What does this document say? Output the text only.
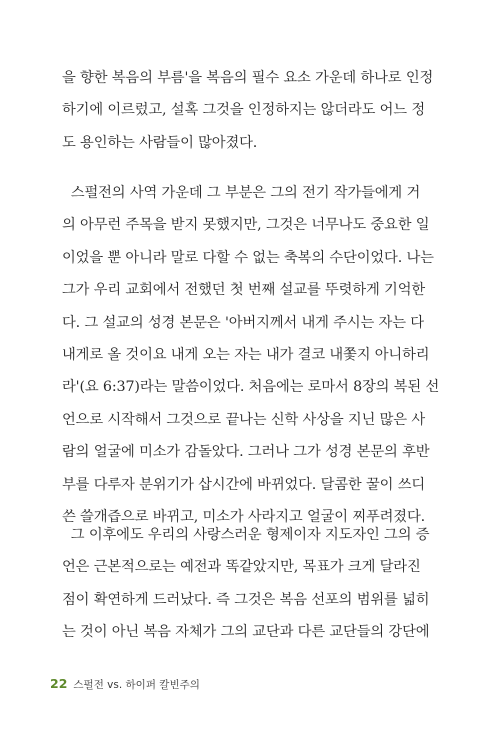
을 향한 복음의 부름'을 복음의 필수 요소 가운데 하나로 인정
하기에 이르렀고, 설혹 그것을 인정하지는 않더라도 어느 정
도 용인하는 사람들이 많아졌다.
스펄전의 사역 가운데 그 부분은 그의 전기 작가들에게 거
의 아무런 주목을 받지 못했지만, 그것은 너무나도 중요한 일
이었을 뿐 아니라 말로 다할 수 없는 축복의 수단이었다. 나는
그가 우리 교회에서 전했던 첫 번째 설교를 뚜렷하게 기억한
다. 그 설교의 성경 본문은 '아버지께서 내게 주시는 자는 다
내게로 올 것이요 내게 오는 자는 내가 결코 내쫓지 아니하리
라'(요 6:37)라는 말씀이었다. 처음에는 로마서 8장의 복된 선
언으로 시작해서 그것으로 끝나는 신학 사상을 지닌 많은 사
람의 얼굴에 미소가 감돌았다. 그러나 그가 성경 본문의 후반
부를 다루자 분위기가 삽시간에 바뀌었다. 달콤한 꿀이 쓰디
쓴 쓸개즙으로 바뀌고, 미소가 사라지고 얼굴이 찌푸려졌다.
그 이후에도 우리의 사랑스러운 형제이자 지도자인 그의 증
언은 근본적으로는 예전과 똑같았지만, 목표가 크게 달라진
점이 확연하게 드러났다. 즉 그것은 복음 선포의 범위를 넓히
는 것이 아닌 복음 자체가 그의 교단과 다른 교단들의 강단에
22 스펄전 vs. 하이퍼 칼빈주의
